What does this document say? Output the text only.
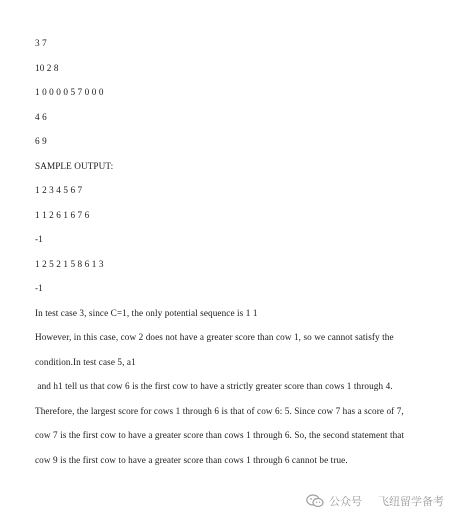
3 7

10 2 8

1 0 0 0 0 5 7 0 0 0

4 6

6 9

SAMPLE OUTPUT:

1 2 3 4 5 6 7

1 1 2 6 1 6 7 6

-1

1 2 5 2 1 5 8 6 1 3

-1

In test case 3, since C=1, the only potential sequence is 1 1

However, in this case, cow 2 does not have a greater score than cow 1, so we cannot satisfy the

condition.In test case 5, a1

and h1 tell us that cow 6 is the first cow to have a strictly greater score than cows 1 through 4.

Therefore, the largest score for cows 1 through 6 is that of cow 6: 5. Since cow 7 has a score of 7,

cow 7 is the first cow to have a greater score than cows 1 through 6. So, the second statement that

cow 9 is the first cow to have a greater score than cows 1 through 6 cannot be true.

公众号 飞纽留学备考
